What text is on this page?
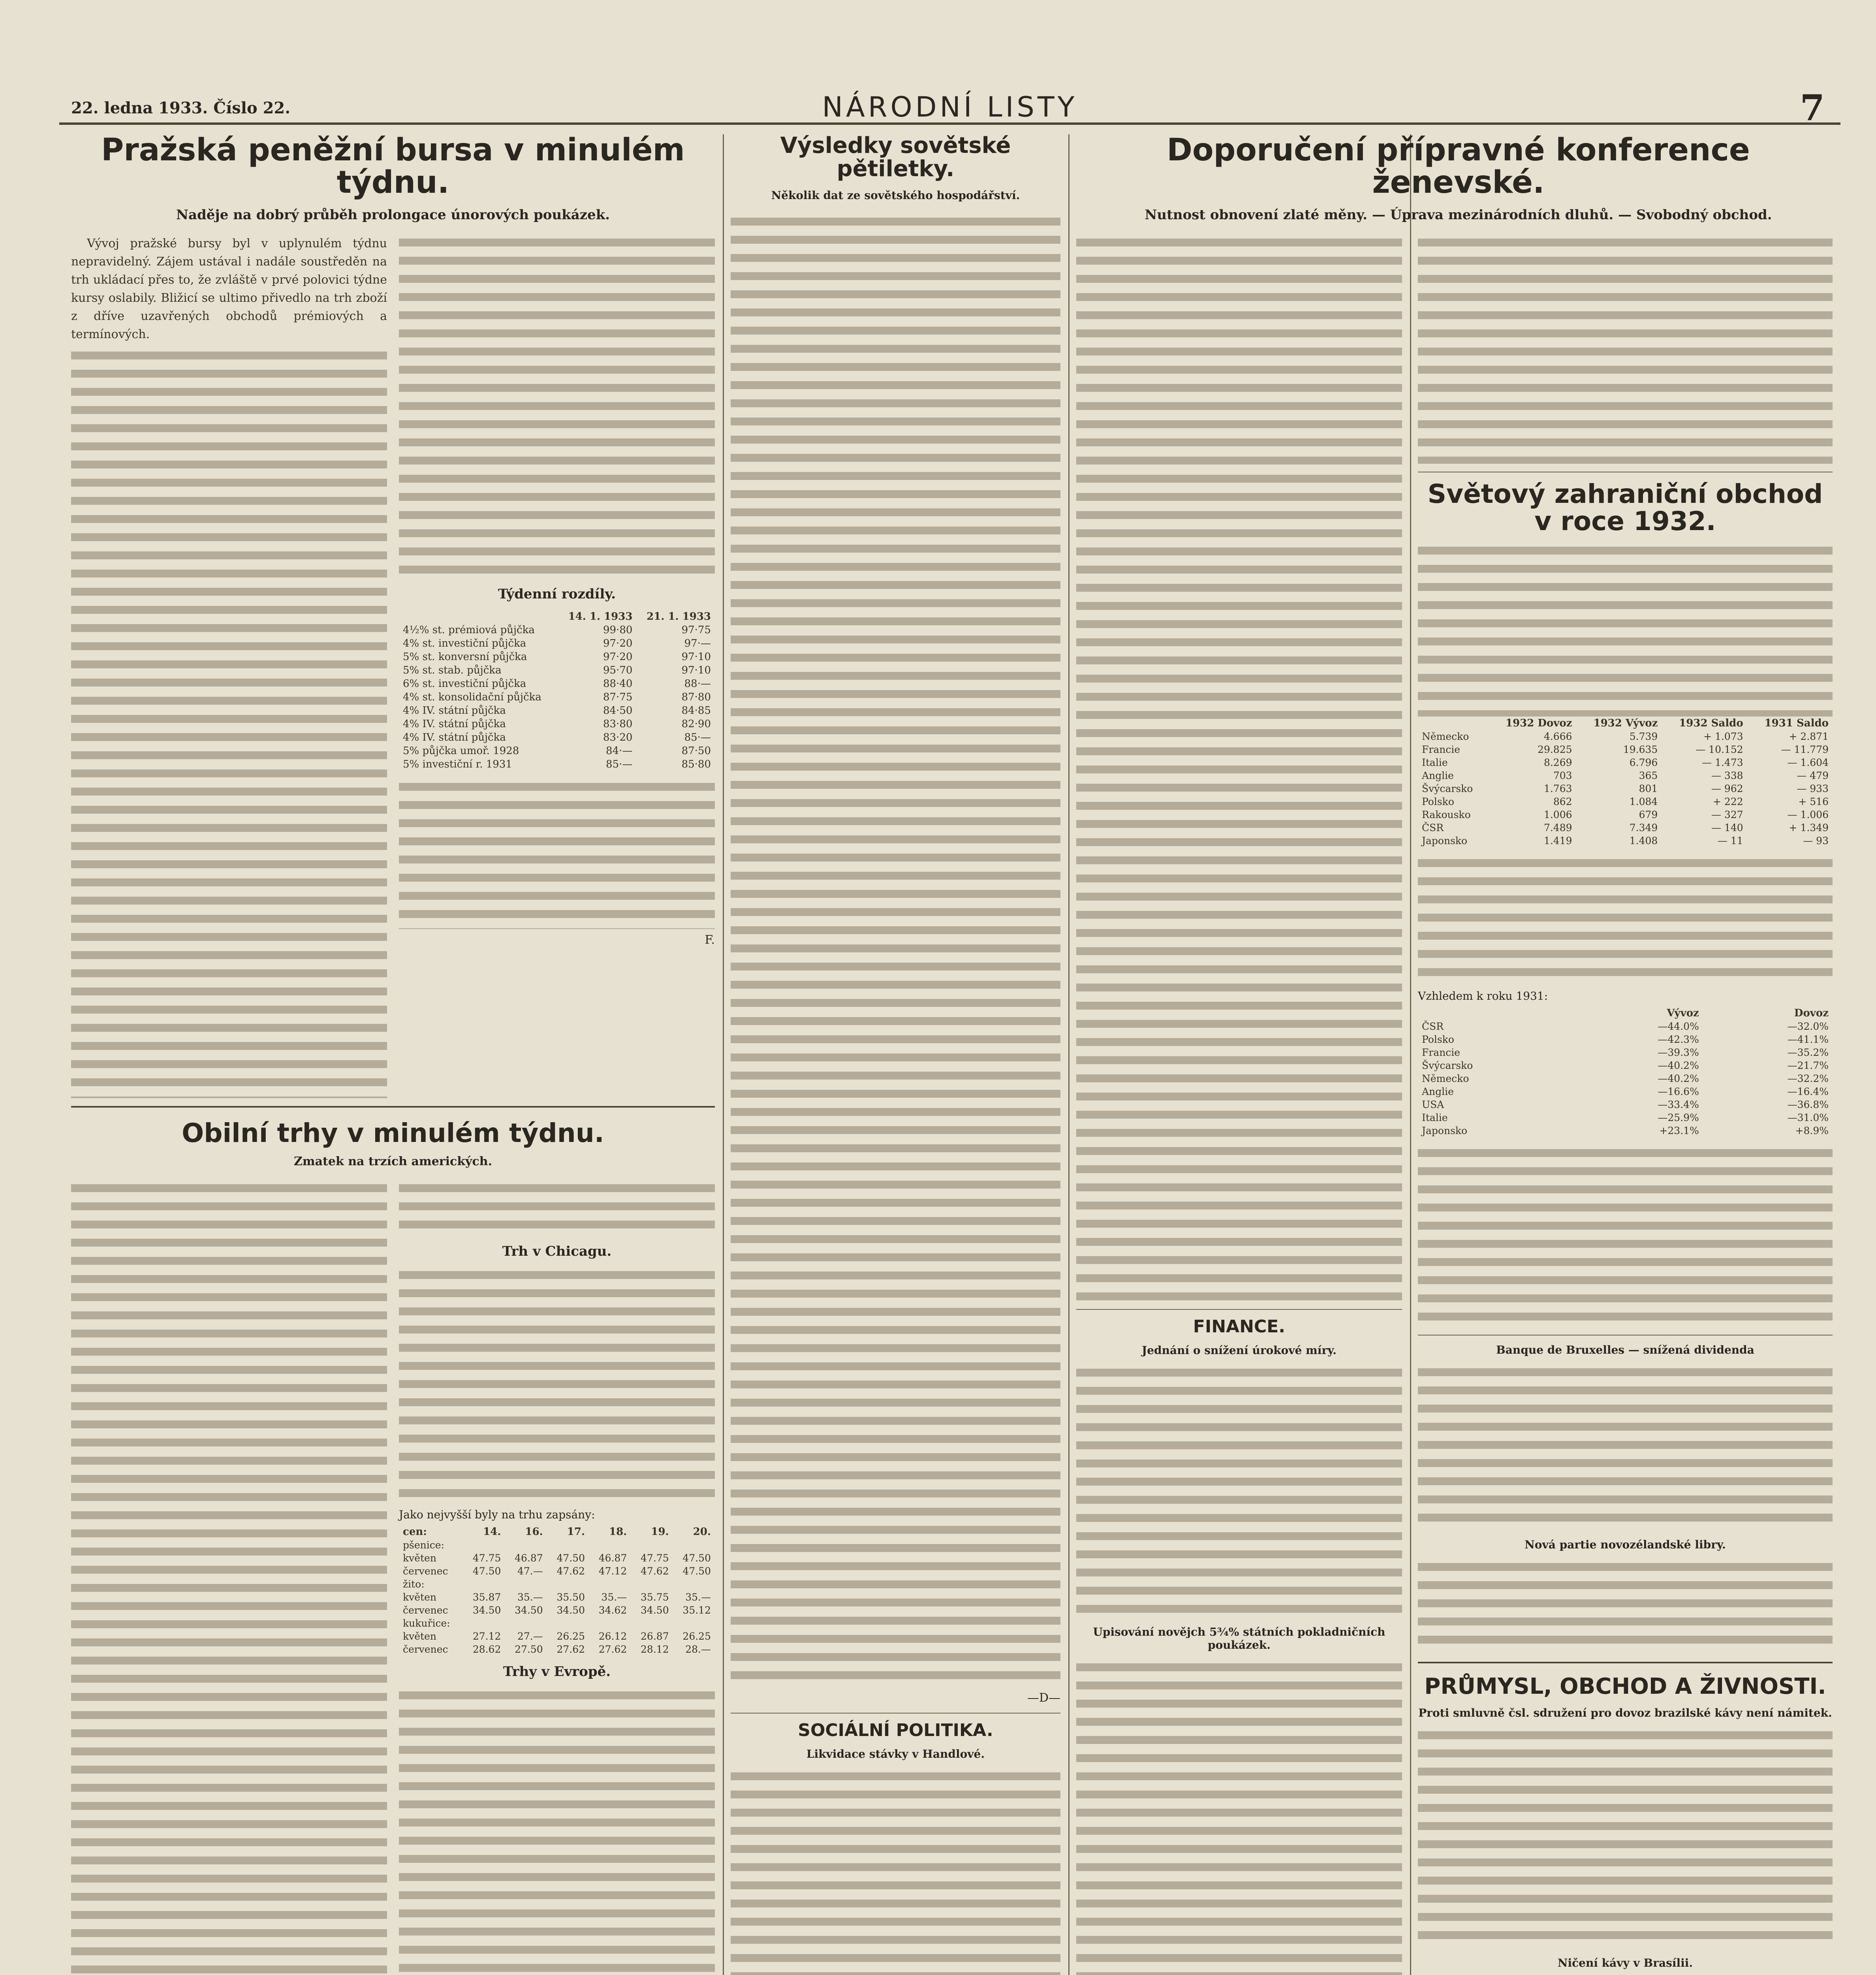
22. ledna 1933. Číslo 22.	NÁRODNÍ LISTY	7
Pražská peněžní bursa v minulém týdnu.
Naděje na dobrý průběh prolongace únorových poukázek.

Vývoj pražské bursy byl v uplynulém týdnu nepravidelný. Zájem ustával i nadále soustředěn na trh ukládací přes to, že zvláště v prvé polovici týdne kursy oslabily. Bližicí se ultimo přivedlo na trh zboží z dříve uzavřených obchodů prémiových a termínových.

Týdenní rozdíly.
	14. 1. 1933	21. 1. 1933
4½% st. prémiová půjčka	99·80	97·75
4% st. investiční půjčka	97·20	97·—
5% st. konversní půjčka	97·20	97·10
5% st. stab. půjčka	95·70	97·10
6% st. investiční půjčka	88·40	88·—
4% st. konsolidační půjčka	87·75	87·80
4% IV. státní půjčka	84·50	84·85
4% IV. státní půjčka	83·80	82·90
4% IV. státní půjčka	83·20	85·—
5% půjčka umoř. 1928	84·—	87·50
5% investiční r. 1931	85·—	85·80
F.
Obilní trhy v minulém týdnu.
Zmatek na trzích amerických.

Trh v Chicagu.
Jako nejvyšší byly na trhu zapsány:
cen:	14.	16.	17.	18.	19.	20.
pšenice:						
květen	47.75	46.87	47.50	46.87	47.75	47.50
červenec	47.50	47.—	47.62	47.12	47.62	47.50
žito:						
květen	35.87	35.—	35.50	35.—	35.75	35.—
červenec	34.50	34.50	34.50	34.62	34.50	35.12
kukuřice:						
květen	27.12	27.—	26.25	26.12	26.87	26.25
červenec	28.62	27.50	27.62	27.62	28.12	28.—
Trhy v Evropě.
Výsledky sovětské pětiletky.
Několik dat ze sovětského hospodářství.
—D—
SOCIÁLNÍ POLITIKA.
Likvidace stávky v Handlové.
Doporučení přípravné konference ženevské.
Nutnost obnovení zlaté měny. — Úprava mezinárodních dluhů. — Svobodný obchod.
FINANCE.
Jednání o snížení úrokové míry.
Upisování novějch 5¾% státních pokladničních poukázek.
Světový zahraniční obchod v roce 1932.
	1932 Dovoz	1932 Vývoz	1932 Saldo	1931 Saldo
Německo	4.666	5.739	+ 1.073	+ 2.871
Francie	29.825	19.635	— 10.152	— 11.779
Italie	8.269	6.796	— 1.473	— 1.604
Anglie	703	365	— 338	— 479
Švýcarsko	1.763	801	— 962	— 933
Polsko	862	1.084	+ 222	+ 516
Rakousko	1.006	679	— 327	— 1.006
ČSR	7.489	7.349	— 140	+ 1.349
Japonsko	1.419	1.408	— 11	— 93
Vzhledem k roku 1931:
	Vývoz	Dovoz
ČSR	—44.0%	—32.0%
Polsko	—42.3%	—41.1%
Francie	—39.3%	—35.2%
Švýcarsko	—40.2%	—21.7%
Německo	—40.2%	—32.2%
Anglie	—16.6%	—16.4%
USA	—33.4%	—36.8%
Italie	—25.9%	—31.0%
Japonsko	+23.1%	+8.9%
Banque de Bruxelles — snížená dividenda
Nová partie novozélandské libry.
PRŮMYSL, OBCHOD A ŽIVNOSTI.
Proti smluvně čsl. sdružení pro dovoz brazilské kávy není námitek.
Ničení kávy v Brasílii.
